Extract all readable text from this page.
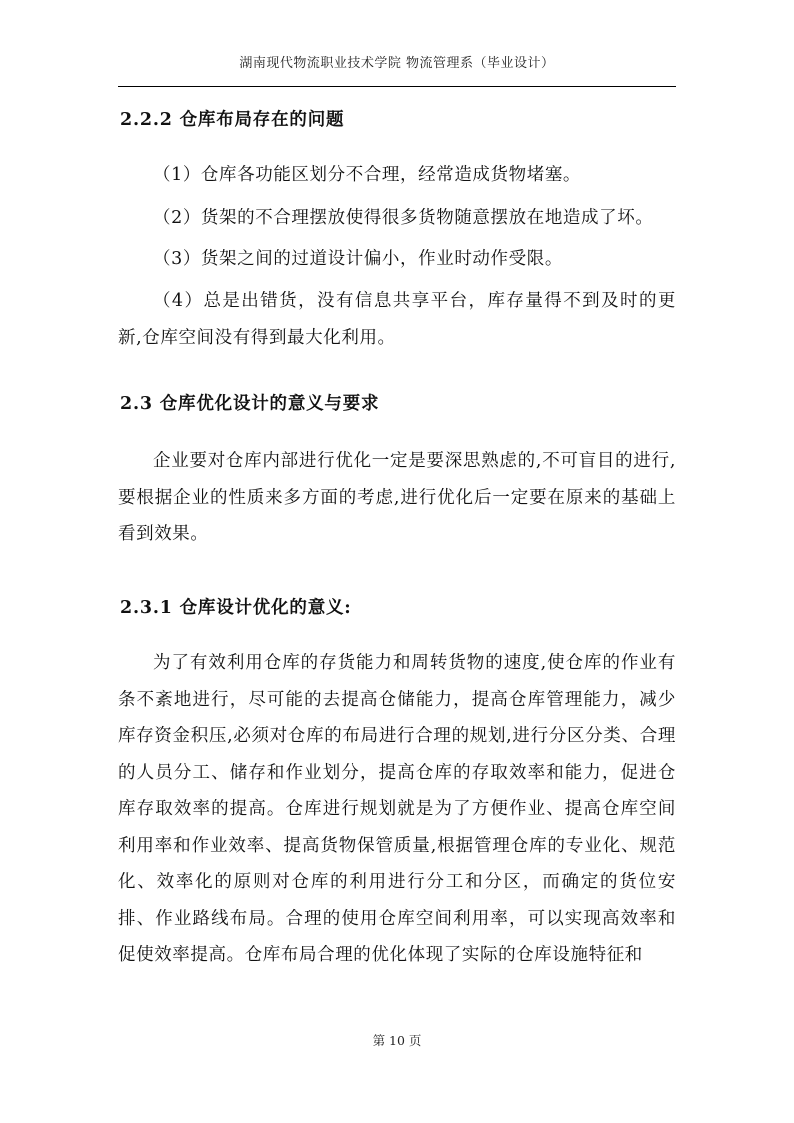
湖南现代物流职业技术学院 物流管理系（毕业设计）
2.2.2 仓库布局存在的问题

（1）仓库各功能区划分不合理，经常造成货物堵塞。

（2）货架的不合理摆放使得很多货物随意摆放在地造成了坏。

（3）货架之间的过道设计偏小，作业时动作受限。

（4）总是出错货，没有信息共享平台，库存量得不到及时的更新,仓库空间没有得到最大化利用。

2.3 仓库优化设计的意义与要求

企业要对仓库内部进行优化一定是要深思熟虑的,不可盲目的进行,要根据企业的性质来多方面的考虑,进行优化后一定要在原来的基础上看到效果。

2.3.1 仓库设计优化的意义:

为了有效利用仓库的存货能力和周转货物的速度,使仓库的作业有条不紊地进行，尽可能的去提高仓储能力，提高仓库管理能力，减少库存资金积压,必须对仓库的布局进行合理的规划,进行分区分类、合理的人员分工、储存和作业划分，提高仓库的存取效率和能力，促进仓库存取效率的提高。仓库进行规划就是为了方便作业、提高仓库空间利用率和作业效率、提高货物保管质量,根据管理仓库的专业化、规范化、效率化的原则对仓库的利用进行分工和分区，而确定的货位安排、作业路线布局。合理的使用仓库空间利用率，可以实现高效率和促使效率提高。仓库布局合理的优化体现了实际的仓库设施特征和

第 10 页
